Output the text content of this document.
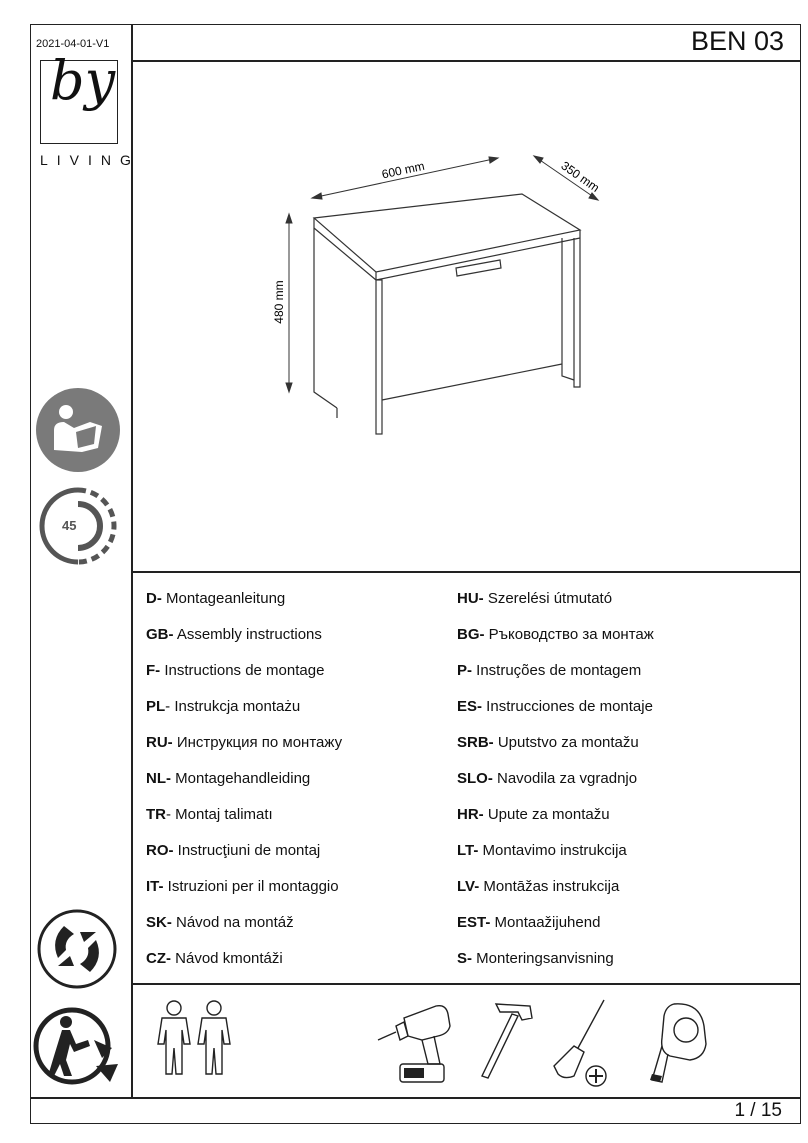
2021-04-01-V1	BEN 03
by
LIVING	600 mm	350 mm
480 mm
45
D- Montageanleitung
GB- Assembly instructions
F- Instructions de montage
PL- Instrukcja montażu
RU- Инструкция по монтажу
NL- Montagehandleiding
TR- Montaj talimatı
RO- Instrucţiuni de montaj
IT- Istruzioni per il montaggio
SK- Návod na montáž
CZ- Návod kmontáži
HU- Szerelési útmutató
BG- Ръководство за монтаж
P- Instruções de montagem
ES- Instrucciones de montaje
SRB- Uputstvo za montažu
SLO- Navodila za vgradnjo
HR- Upute za montažu
LT- Montavimo instrukcija
LV- Montāžas instrukcija
EST- Montaažijuhend
S- Monteringsanvisning
1 / 15
